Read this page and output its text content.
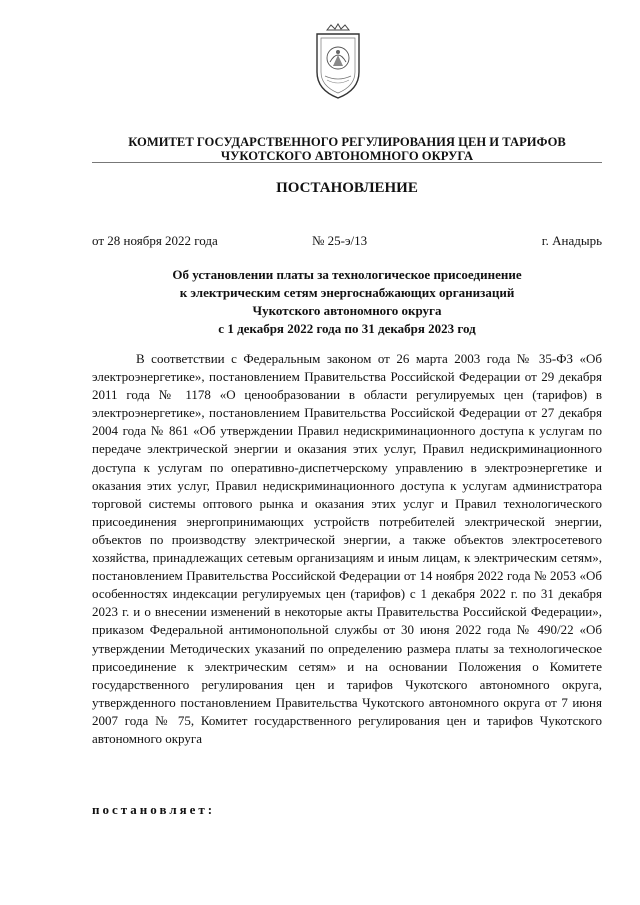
КОМИТЕТ ГОСУДАРСТВЕННОГО РЕГУЛИРОВАНИЯ ЦЕН И ТАРИФОВ
ЧУКОТСКОГО АВТОНОМНОГО ОКРУГА
ПОСТАНОВЛЕНИЕ
от 28 ноября 2022 года	№ 25-э/13	г. Анадырь
Об установлении платы за технологическое присоединение
к электрическим сетям энергоснабжающих организаций
Чукотского автономного округа
с 1 декабря 2022 года по 31 декабря 2023 год

В соответствии с Федеральным законом от 26 марта 2003 года № 35-ФЗ «Об электроэнергетике», постановлением Правительства Российской Федерации от 29 декабря 2011 года № 1178 «О ценообразовании в области регулируемых цен (тарифов) в электроэнергетике», постановлением Правительства Российской Федерации от 27 декабря 2004 года № 861 «Об утверждении Правил недискриминационного доступа к услугам по передаче электрической энергии и оказания этих услуг, Правил недискриминационного доступа к услугам по оперативно-диспетчерскому управлению в электроэнергетике и оказания этих услуг, Правил недискриминационного доступа к услугам администратора торговой системы оптового рынка и оказания этих услуг и Правил технологического присоединения энергопринимающих устройств потребителей электрической энергии, объектов по производству электрической энергии, а также объектов электросетевого хозяйства, принадлежащих сетевым организациям и иным лицам, к электрическим сетям», постановлением Правительства Российской Федерации от 14 ноября 2022 года № 2053 «Об особенностях индексации регулируемых цен (тарифов) с 1 декабря 2022 г. по 31 декабря 2023 г. и о внесении изменений в некоторые акты Правительства Российской Федерации», приказом Федеральной антимонопольной службы от 30 июня 2022 года № 490/22 «Об утверждении Методических указаний по определению размера платы за технологическое присоединение к электрическим сетям» и на основании Положения о Комитете государственного регулирования цен и тарифов Чукотского автономного округа, утвержденного постановлением Правительства Чукотского автономного округа от 7 июня 2007 года № 75, Комитет государственного регулирования цен и тарифов Чукотского автономного округа

постановляет:
